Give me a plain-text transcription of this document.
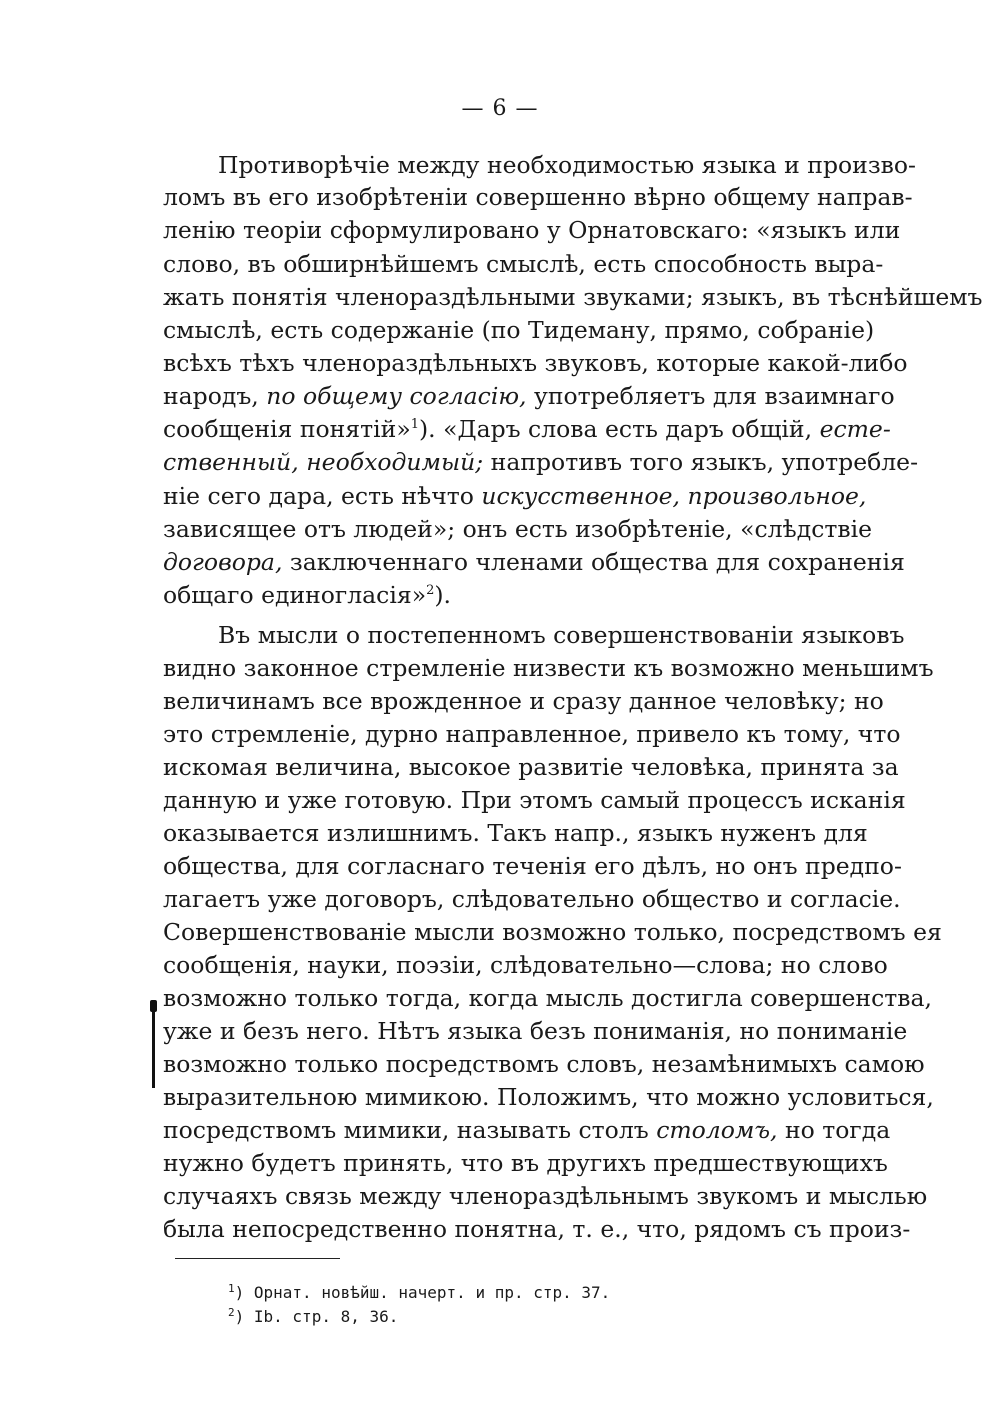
— 6 —
Противорѣчіе между необходимостью языка и произво-
ломъ въ его изобрѣтеніи совершенно вѣрно общему направ-
ленію теоріи сформулировано у Орнатовскаго: «языкъ или
слово, въ обширнѣйшемъ смыслѣ, есть способность выра-
жать понятія членораздѣльными звуками; языкъ, въ тѣснѣйшемъ
смыслѣ, есть содержаніе (по Тидеману, прямо, собраніе)
всѣхъ тѣхъ членораздѣльныхъ звуковъ, которые какой-либо
народъ, по общему согласію, употребляетъ для взаимнаго
сообщенія понятій»$^1$). «Даръ слова есть даръ общій, есте-
ственный, необходимый; напротивъ того языкъ, употребле-
ніе сего дара, есть нѣчто искусственное, произвольное,
зависящее отъ людей»; онъ есть изобрѣтеніе, «слѣдствіе
договора, заключеннаго членами общества для сохраненія
общаго единогласія»$^2$).
Въ мысли о постепенномъ совершенствованіи языковъ
видно законное стремленіе низвести къ возможно меньшимъ
величинамъ все врожденное и сразу данное человѣку; но
это стремленіе, дурно направленное, привело къ тому, что
искомая величина, высокое развитіе человѣка, принята за
данную и уже готовую. При этомъ самый процессъ исканія
оказывается излишнимъ. Такъ напр., языкъ нуженъ для
общества, для согласнаго теченія его дѣлъ, но онъ предпо-
лагаетъ уже договоръ, слѣдовательно общество и согласіе.
Совершенствованіе мысли возможно только, посредствомъ ея
сообщенія, науки, поэзіи, слѣдовательно—слова; но слово
возможно только тогда, когда мысль достигла совершенства,
уже и безъ него. Нѣтъ языка безъ пониманія, но пониманіе
возможно только посредствомъ словъ, незамѣнимыхъ самою
выразительною мимикою. Положимъ, что можно условиться,
посредствомъ мимики, называть столъ столомъ, но тогда
нужно будетъ принять, что въ другихъ предшествующихъ
случаяхъ связь между членораздѣльнымъ звукомъ и мыслью
была непосредственно понятна, т. е., что, рядомъ съ произ-
$^1$) Орнат. новѣйш. начерт. и пр. стр. 37.
$^2$) Ib. стр. 8, 36.
